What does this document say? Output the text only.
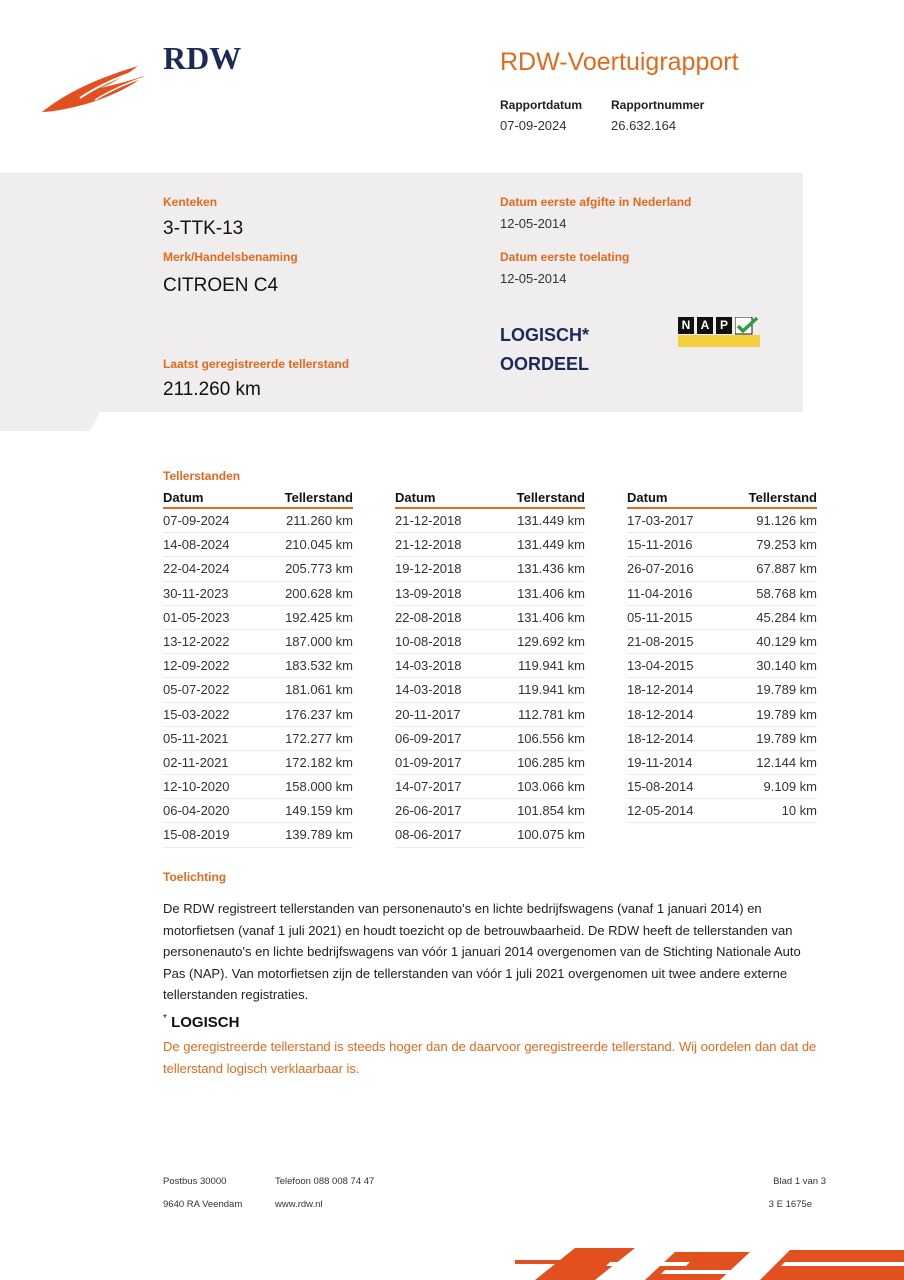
RDW	RDW-Voertuigrapport
Rapportdatum Rapportnummer
07-09-2024	26.632.164
Kenteken
3-TTK-13
Merk/Handelsbenaming
CITROEN C4
Laatst geregistreerde tellerstand
211.260 km
Datum eerste afgifte in Nederland
12-05-2014
Datum eerste toelating
12-05-2014
LOGISCH*
OORDEEL
N A P
Tellerstanden
Datum	Tellerstand
07-09-2024	211.260 km
14-08-2024	210.045 km
22-04-2024	205.773 km
30-11-2023	200.628 km
01-05-2023	192.425 km
13-12-2022	187.000 km
12-09-2022	183.532 km
05-07-2022	181.061 km
15-03-2022	176.237 km
05-11-2021	172.277 km
02-11-2021	172.182 km
12-10-2020	158.000 km
06-04-2020	149.159 km
15-08-2019	139.789 km
Datum	Tellerstand
21-12-2018	131.449 km
21-12-2018	131.449 km
19-12-2018	131.436 km
13-09-2018	131.406 km
22-08-2018	131.406 km
10-08-2018	129.692 km
14-03-2018	119.941 km
14-03-2018	119.941 km
20-11-2017	112.781 km
06-09-2017	106.556 km
01-09-2017	106.285 km
14-07-2017	103.066 km
26-06-2017	101.854 km
08-06-2017	100.075 km
Datum	Tellerstand
17-03-2017	91.126 km
15-11-2016	79.253 km
26-07-2016	67.887 km
11-04-2016	58.768 km
05-11-2015	45.284 km
21-08-2015	40.129 km
13-04-2015	30.140 km
18-12-2014	19.789 km
18-12-2014	19.789 km
18-12-2014	19.789 km
19-11-2014	12.144 km
15-08-2014	9.109 km
12-05-2014	10 km
Toelichting
De RDW registreert tellerstanden van personenauto's en lichte bedrijfswagens (vanaf 1 januari 2014) en motorfietsen (vanaf 1 juli 2021) en houdt toezicht op de betrouwbaarheid. De RDW heeft de tellerstanden van personenauto's en lichte bedrijfswagens van vóór 1 januari 2014 overgenomen van de Stichting Nationale Auto Pas (NAP). Van motorfietsen zijn de tellerstanden van vóór 1 juli 2021 overgenomen uit twee andere externe tellerstanden registraties.
* LOGISCH
De geregistreerde tellerstand is steeds hoger dan de daarvoor geregistreerde tellerstand. Wij oordelen dan dat de tellerstand logisch verklaarbaar is.
Postbus 30000
9640 RA Veendam
Telefoon 088 008 74 47
www.rdw.nl
Blad 1 van 3
3 E 1675e
